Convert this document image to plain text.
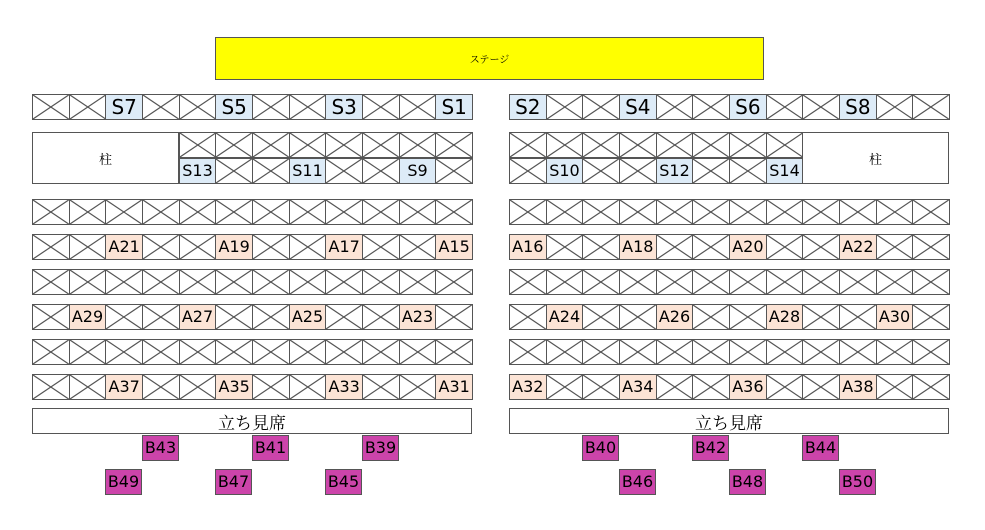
ステージ
柱	柱
立ち見席	立ち見席
S7	S5	S3	S1	S2	S4	S6	S8
S13	S11	S9	S10	S12	S14
A21	A19	A17	A15	A16	A18	A20	A22
A29	A27	A25	A23	A24	A26	A28	A30
A37	A35	A33	A31	A32	A34	A36	A38
B43	B41	B39	B40	B42	B44
B49	B47	B45	B46	B48	B50
